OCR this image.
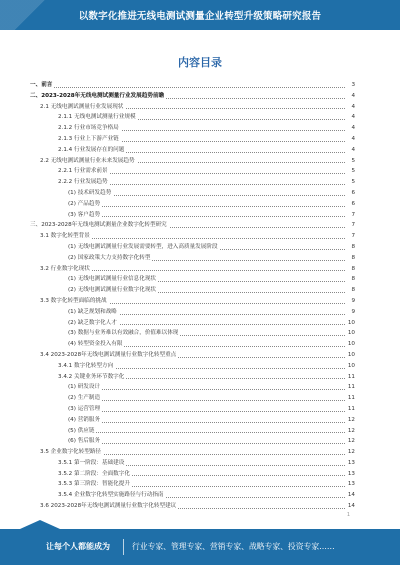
以数字化推进无线电测试测量企业转型升级策略研究报告
内容目录
一、前言	3
二、2023-2028年无线电测试测量行业发展趋势前瞻	4
2.1 无线电测试测量行业发展现状	4
2.1.1 无线电测试测量行业规模	4
2.1.2 行业市场竞争格局	4
2.1.3 行业上下游产业链	4
2.1.4 行业发展存在的问题	4
2.2 无线电测试测量行业未来发展趋势	5
2.2.1 行业需求前景	5
2.2.2 行业发展趋势	5
(1) 技术研发趋势	6
(2) 产品趋势	6
(3) 客户趋势	7
三、2023-2028年无线电测试测量企业数字化转型研究	7
3.1 数字化转型背景	7
(1) 无线电测试测量行业发展需要转型，进入高质量发展阶段	8
(2) 国家政策大力支持数字化转型	8
3.2 行业数字化现状	8
(1) 无线电测试测量行业信息化现状	8
(2) 无线电测试测量行业数字化现状	8
3.3 数字化转型面临的挑战	9
(1) 缺乏规划和战略	9
(2) 缺乏数字化人才	10
(3) 数据与业务难以有效融合，价值难以体现	10
(4) 转型资金投入有限	10
3.4 2023-2028年无线电测试测量行业数字化转型重点	10
3.4.1 数字化转型方向	10
3.4.2 关键业务环节数字化	11
(1) 研发设计	11
(2) 生产制造	11
(3) 运营管理	11
(4) 营销服务	12
(5) 供应链	12
(6) 售后服务	12
3.5 企业数字化转型路径	12
3.5.1 第一阶段：基础建设	13
3.5.2 第二阶段：全面数字化	13
3.5.3 第三阶段：智能化提升	13
3.5.4 企业数字化转型实施路径与行动指南	14
3.6 2023-2028年无线电测试测量行业数字化转型建议	14
1
让每个人都能成为	行业专家、管理专家、营销专家、战略专家、投资专家……
